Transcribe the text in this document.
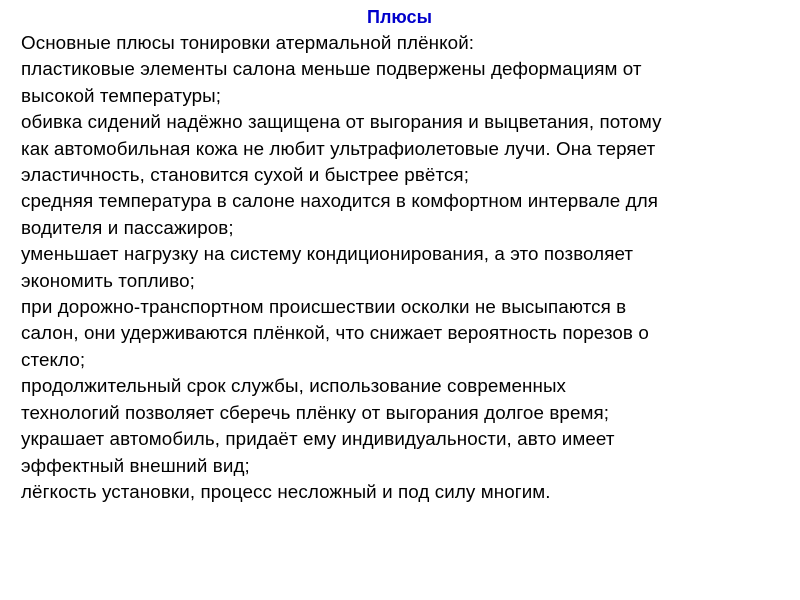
Плюсы
Основные плюсы тонировки атермальной плёнкой:
пластиковые элементы салона меньше подвержены деформациям от
высокой температуры;
обивка сидений надёжно защищена от выгорания и выцветания, потому
как автомобильная кожа не любит ультрафиолетовые лучи. Она теряет
эластичность, становится сухой и быстрее рвётся;
средняя температура в салоне находится в комфортном интервале для
водителя и пассажиров;
уменьшает нагрузку на систему кондиционирования, а это позволяет
экономить топливо;
при дорожно-транспортном происшествии осколки не высыпаются в
салон, они удерживаются плёнкой, что снижает вероятность порезов о
стекло;
продолжительный срок службы, использование современных
технологий позволяет сберечь плёнку от выгорания долгое время;
украшает автомобиль, придаёт ему индивидуальности, авто имеет
эффектный внешний вид;
лёгкость установки, процесс несложный и под силу многим.
